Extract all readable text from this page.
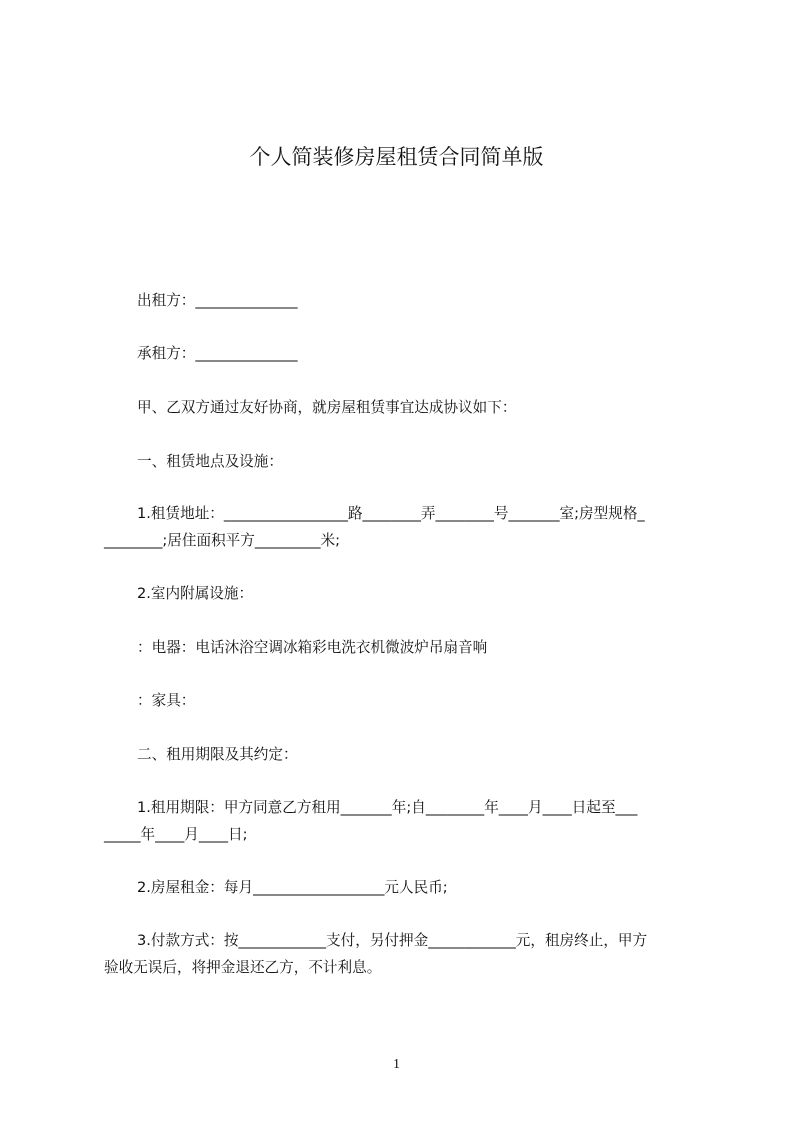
个人简装修房屋租赁合同简单版
出租方：______________
承租方：______________
甲、乙双方通过友好协商，就房屋租赁事宜达成协议如下：
一、租赁地点及设施：
1.租赁地址：_________________路________弄________号_______室;房型规格_
________;居住面积平方_________米;
2.室内附属设施：
：电器：电话沐浴空调冰箱彩电洗衣机微波炉吊扇音响
：家具：
二、租用期限及其约定：
1.租用期限：甲方同意乙方租用_______年;自________年____月____日起至___
_____年____月____日;
2.房屋租金：每月__________________元人民币;
3.付款方式：按____________支付，另付押金____________元，租房终止，甲方
验收无误后，将押金退还乙方，不计利息。
1
